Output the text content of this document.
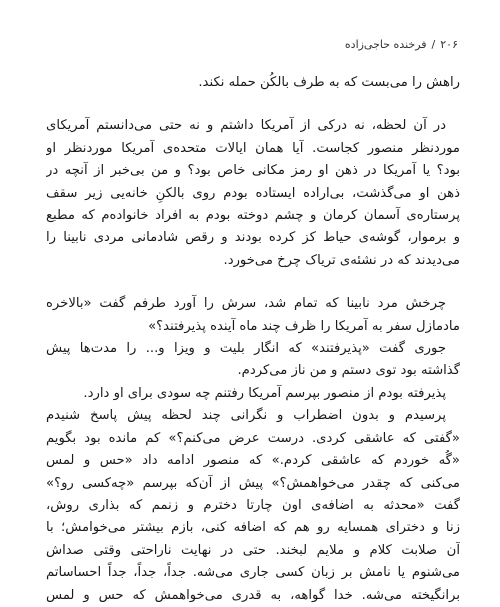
۲۰۶/فرخنده حاجی‌زاده
راهش را می‌بست که به طرف بالکُن حمله نکند.
در آن لحظه، نه درکی از آمریکا داشتم و نه حتی می‌دانستم آمریکای
موردنظر منصور کجاست. آیا همان ایالات متحده‌ی آمریکا موردنظر او
بود؟ یا آمریکا در ذهن او رمز مکانی خاص بود؟ و من بی‌خبر از آنچه در
ذهن او می‌گذشت، بی‌اراده ایستاده بودم روی بالکنِ خانه‌یی زیر سقف
پرستاره‌ی آسمان کرمان و چشم دوخته بودم به افراد خانواده‌م که مطبع
و برموار، گوشه‌ی حیاط کز کرده بودند و رقص شادمانی مردی نابینا را
می‌دیدند که در نشئه‌ی تریاک چرخ می‌خورد.
چرخش مرد نابینا که تمام شد، سرش را آورد طرفم گفت «بالاخره
مادمازل سفر به آمریکا را ظرف چند ماه آینده پذیرفتند؟»
جوری گفت «پذیرفتند» که انگار بلیت و ویزا و... را مدت‌ها پیش
گذاشته بود توی دستم و من ناز می‌کردم.
پذیرفته بودم از منصور بپرسم آمریکا رفتنم چه سودی برای او دارد.
پرسیدم و بدون اضطراب و نگرانی چند لحظه پیش پاسخ شنیدم
«گفتی که عاشقی کردی. درست عرض می‌کنم؟» کم مانده بود بگویم
«گُه خوردم که عاشقی کردم.» که منصور ادامه داد «حس و لمس
می‌کنی که چقدر می‌خواهمش؟» پیش از آن‌که بپرسم «چه‌کسی رو؟»
گفت «محدثه به اضافه‌ی اون چارتا دخترم و زنمم که بذاری روش،
زنا و دخترای همسایه رو هم که اضافه کنی، بازم بیشتر می‌خوامش؛ با
آن صلابت کلام و ملایم لبخند. حتی در نهایت ناراحتی وقتی صداش
می‌شنوم یا نامش بر زبان کسی جاری می‌شه. جداً، جداً، جداً احساساتم
برانگیخته می‌شه. خدا گواهه، به قدری می‌خواهمش که حس و لمس
